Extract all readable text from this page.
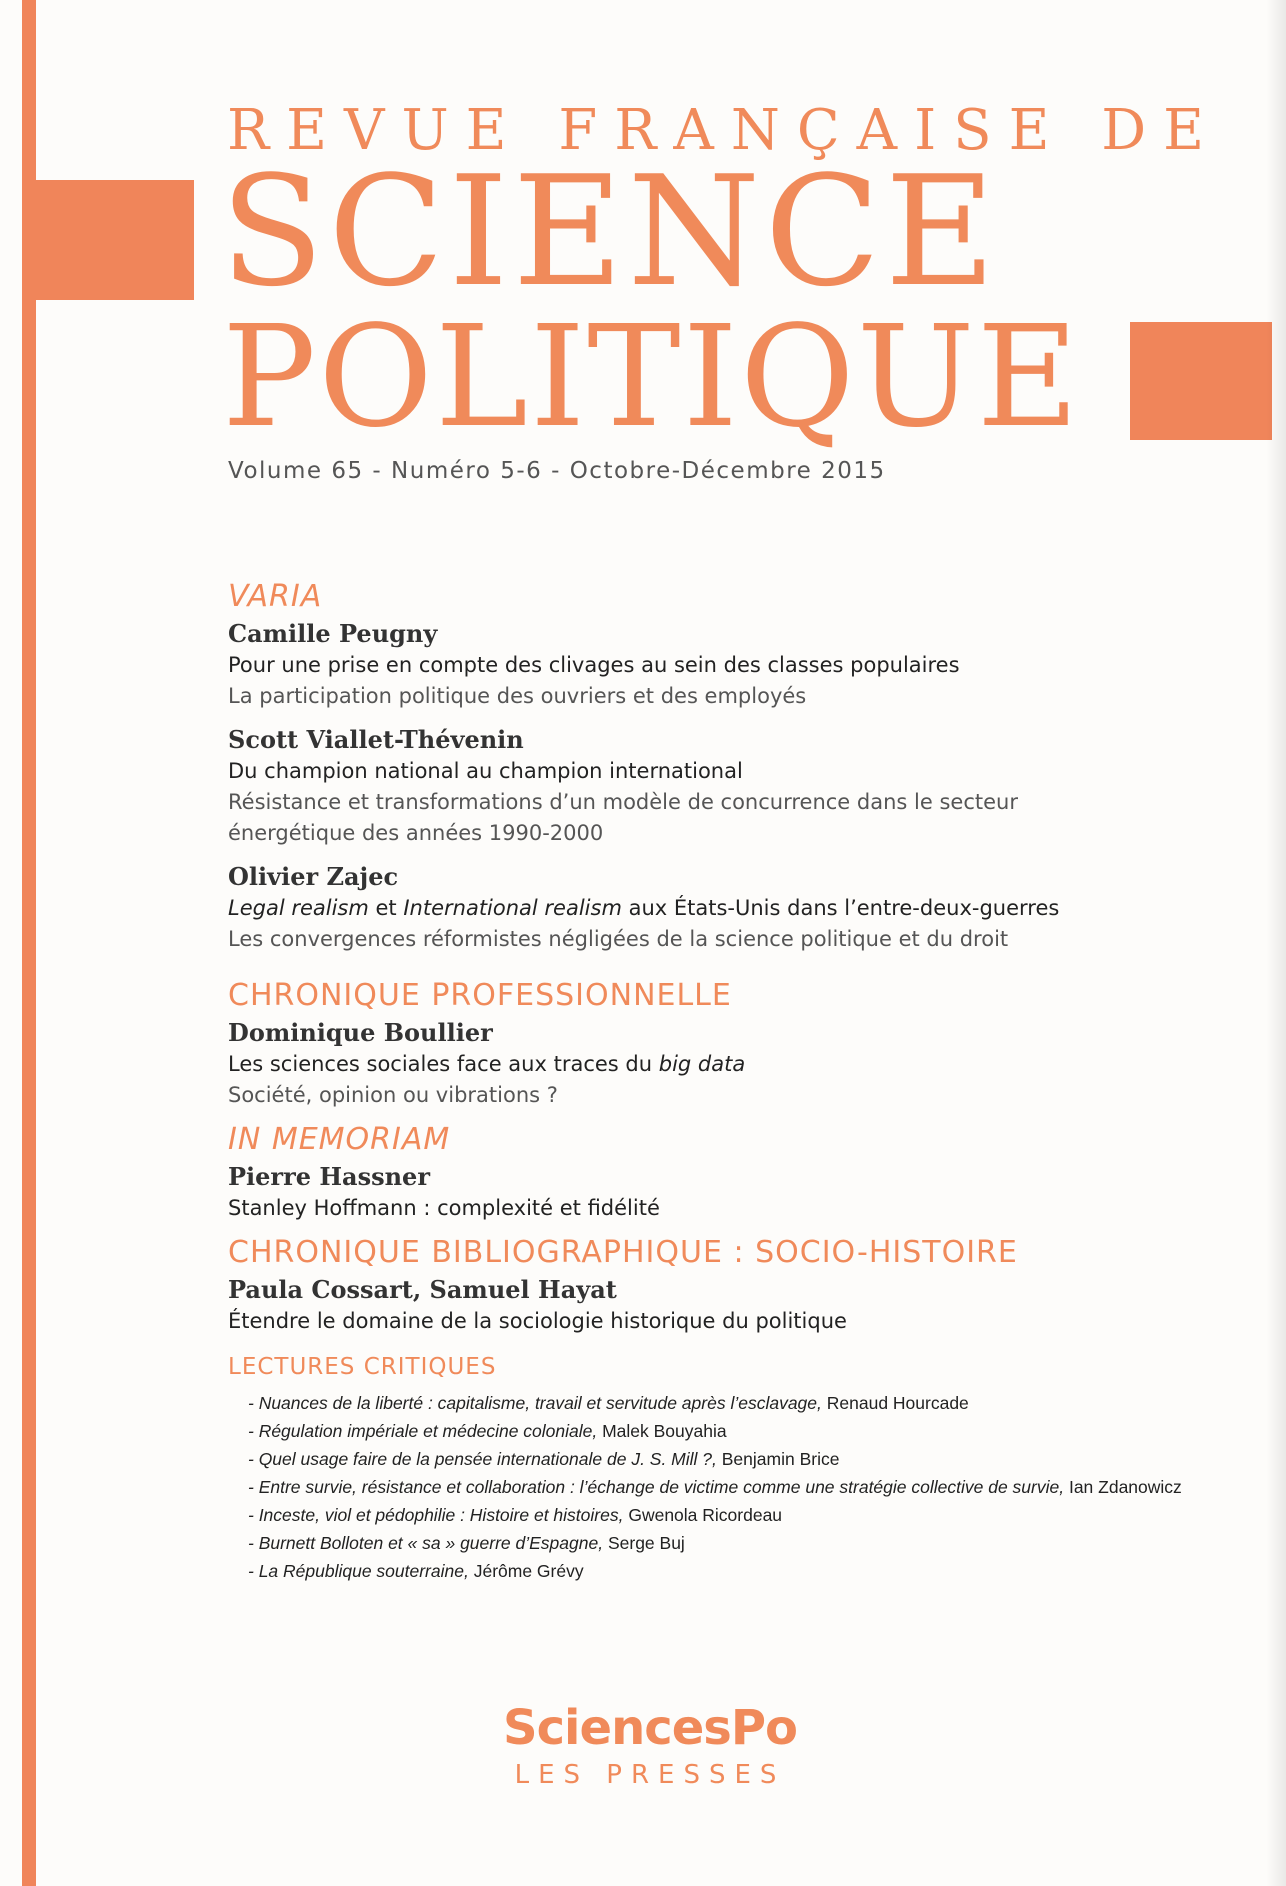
REVUE FRANÇAISE DE
SCIENCE
POLITIQUE
Volume 65 - Numéro 5-6 - Octobre-Décembre 2015
VARIA
Camille Peugny
Pour une prise en compte des clivages au sein des classes populaires
La participation politique des ouvriers et des employés
Scott Viallet-Thévenin
Du champion national au champion international
Résistance et transformations d’un modèle de concurrence dans le secteur énergétique des années 1990-2000
Olivier Zajec
Legal realism et International realism aux États-Unis dans l’entre-deux-guerres
Les convergences réformistes négligées de la science politique et du droit
CHRONIQUE PROFESSIONNELLE
Dominique Boullier
Les sciences sociales face aux traces du big data
Société, opinion ou vibrations ?
IN MEMORIAM
Pierre Hassner
Stanley Hoffmann : complexité et fidélité
CHRONIQUE BIBLIOGRAPHIQUE : SOCIO-HISTOIRE
Paula Cossart, Samuel Hayat
Étendre le domaine de la sociologie historique du politique
LECTURES CRITIQUES
- Nuances de la liberté : capitalisme, travail et servitude après l’esclavage, Renaud Hourcade
- Régulation impériale et médecine coloniale, Malek Bouyahia
- Quel usage faire de la pensée internationale de J. S. Mill ?, Benjamin Brice
- Entre survie, résistance et collaboration : l’échange de victime comme une stratégie collective de survie, Ian Zdanowicz
- Inceste, viol et pédophilie : Histoire et histoires, Gwenola Ricordeau
- Burnett Bolloten et « sa » guerre d’Espagne, Serge Buj
- La République souterraine, Jérôme Grévy
SciencesPo
LES PRESSES
